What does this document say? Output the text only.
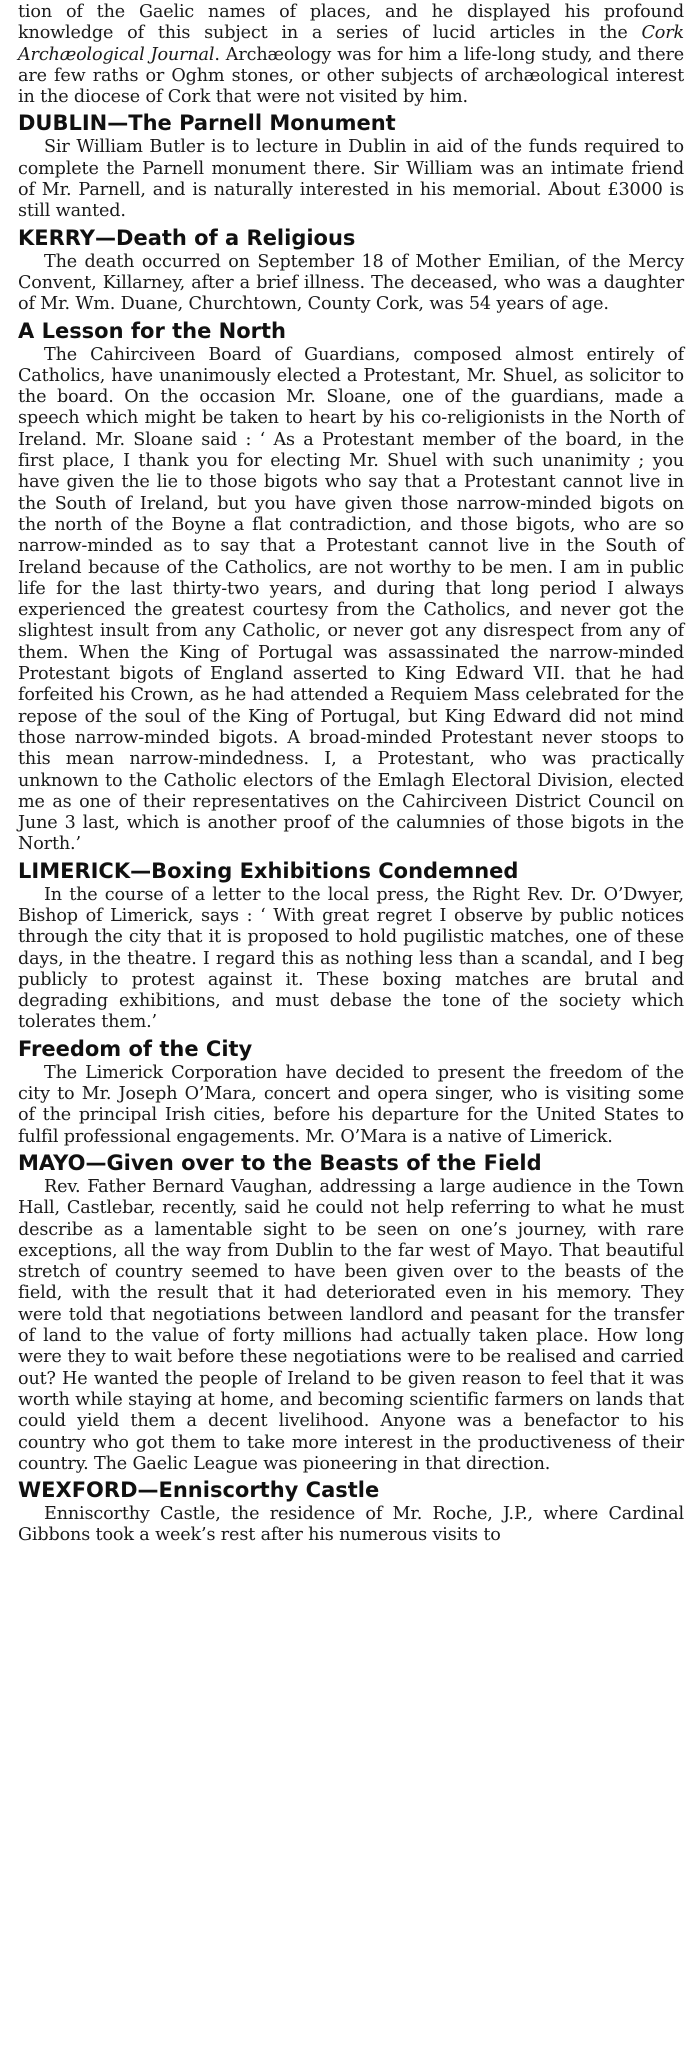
tion of the Gaelic names of places, and he displayed his profound knowledge of this subject in a series of lucid articles in the Cork Archæological Journal. Archæology was for him a life-long study, and there are few raths or Oghm stones, or other subjects of archæological interest in the diocese of Cork that were not visited by him.

DUBLIN—The Parnell Monument

Sir William Butler is to lecture in Dublin in aid of the funds required to complete the Parnell monument there. Sir William was an intimate friend of Mr. Parnell, and is naturally interested in his memorial. About £3000 is still wanted.

KERRY—Death of a Religious

The death occurred on September 18 of Mother Emilian, of the Mercy Convent, Killarney, after a brief illness. The deceased, who was a daughter of Mr. Wm. Duane, Churchtown, County Cork, was 54 years of age.

A Lesson for the North

The Cahirciveen Board of Guardians, composed almost entirely of Catholics, have unanimously elected a Protestant, Mr. Shuel, as solicitor to the board. On the occasion Mr. Sloane, one of the guardians, made a speech which might be taken to heart by his co-religionists in the North of Ireland. Mr. Sloane said : ‘ As a Protestant member of the board, in the first place, I thank you for electing Mr. Shuel with such unanimity ; you have given the lie to those bigots who say that a Protestant cannot live in the South of Ireland, but you have given those narrow-minded bigots on the north of the Boyne a flat contradiction, and those bigots, who are so narrow-minded as to say that a Protestant cannot live in the South of Ireland because of the Catholics, are not worthy to be men. I am in public life for the last thirty-two years, and during that long period I always experienced the greatest courtesy from the Catholics, and never got the slightest insult from any Catholic, or never got any disrespect from any of them. When the King of Portugal was assassinated the narrow-minded Protestant bigots of England asserted to King Edward VII. that he had forfeited his Crown, as he had attended a Requiem Mass celebrated for the repose of the soul of the King of Portugal, but King Edward did not mind those narrow-minded bigots. A broad-minded Protestant never stoops to this mean narrow-mindedness. I, a Protestant, who was practically unknown to the Catholic electors of the Emlagh Electoral Division, elected me as one of their representatives on the Cahirciveen District Council on June 3 last, which is another proof of the calumnies of those bigots in the North.’

LIMERICK—Boxing Exhibitions Condemned

In the course of a letter to the local press, the Right Rev. Dr. O’Dwyer, Bishop of Limerick, says : ‘ With great regret I observe by public notices through the city that it is proposed to hold pugilistic matches, one of these days, in the theatre. I regard this as nothing less than a scandal, and I beg publicly to protest against it. These boxing matches are brutal and degrading exhibitions, and must debase the tone of the society which tolerates them.’

Freedom of the City

The Limerick Corporation have decided to present the freedom of the city to Mr. Joseph O’Mara, concert and opera singer, who is visiting some of the principal Irish cities, before his departure for the United States to fulfil professional engagements. Mr. O’Mara is a native of Limerick.

MAYO—Given over to the Beasts of the Field

Rev. Father Bernard Vaughan, addressing a large audience in the Town Hall, Castlebar, recently, said he could not help referring to what he must describe as a lamentable sight to be seen on one’s journey, with rare exceptions, all the way from Dublin to the far west of Mayo. That beautiful stretch of country seemed to have been given over to the beasts of the field, with the result that it had deteriorated even in his memory. They were told that negotiations between landlord and peasant for the transfer of land to the value of forty millions had actually taken place. How long were they to wait before these negotiations were to be realised and carried out? He wanted the people of Ireland to be given reason to feel that it was worth while staying at home, and becoming scientific farmers on lands that could yield them a decent livelihood. Anyone was a benefactor to his country who got them to take more interest in the productiveness of their country. The Gaelic League was pioneering in that direction.

WEXFORD—Enniscorthy Castle

Enniscorthy Castle, the residence of Mr. Roche, J.P., where Cardinal Gibbons took a week’s rest after his numerous visits to
